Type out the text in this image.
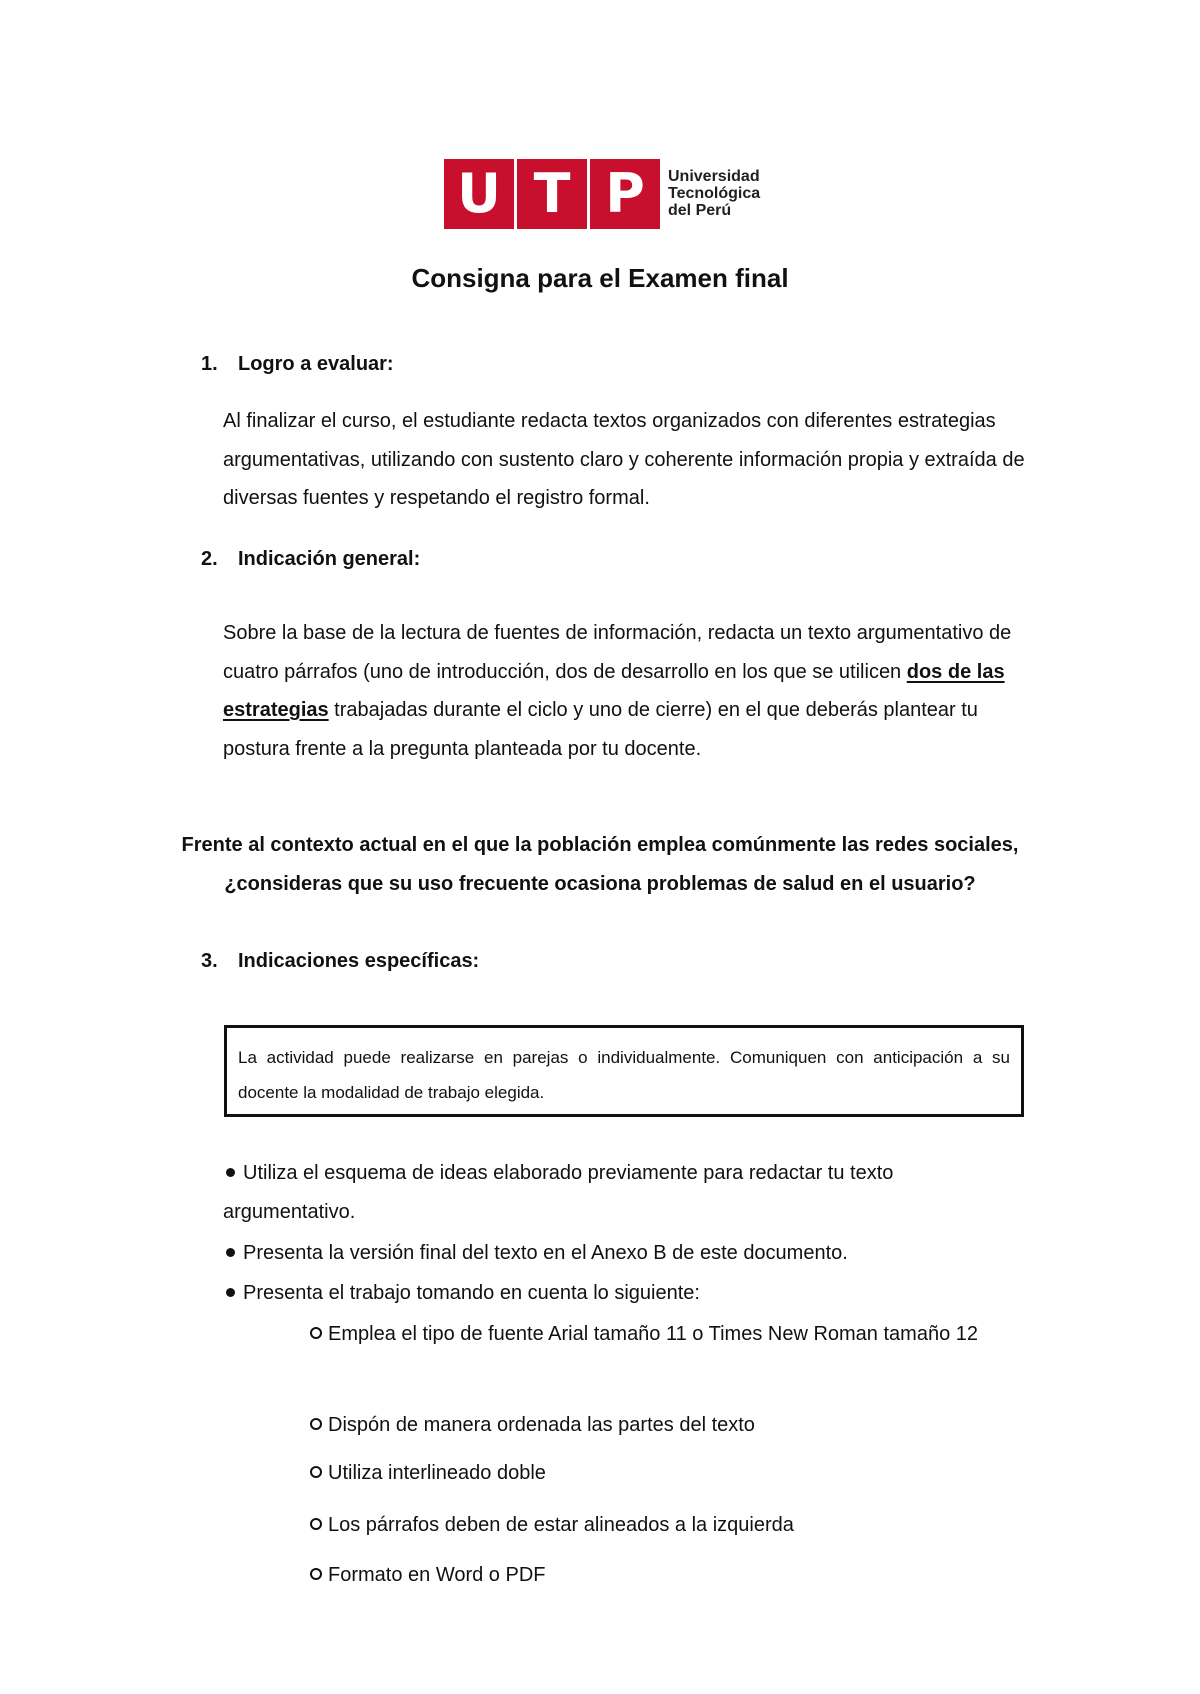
U T P	Universidad
Tecnológica
del Perú
Consigna para el Examen final
1. Logro a evaluar:
Al finalizar el curso, el estudiante redacta textos organizados con diferentes estrategias argumentativas, utilizando con sustento claro y coherente información propia y extraída de diversas fuentes y respetando el registro formal.
2. Indicación general:
Sobre la base de la lectura de fuentes de información, redacta un texto argumentativo de cuatro párrafos (uno de introducción, dos de desarrollo en los que se utilicen dos de las estrategias trabajadas durante el ciclo y uno de cierre) en el que deberás plantear tu postura frente a la pregunta planteada por tu docente.
Frente al contexto actual en el que la población emplea comúnmente las redes sociales, ¿consideras que su uso frecuente ocasiona problemas de salud en el usuario?
3. Indicaciones específicas:
La actividad puede realizarse en parejas o individualmente. Comuniquen con anticipación a su docente la modalidad de trabajo elegida.
Utiliza el esquema de ideas elaborado previamente para redactar tu texto argumentativo.
Presenta la versión final del texto en el Anexo B de este documento.
Presenta el trabajo tomando en cuenta lo siguiente:
Emplea el tipo de fuente Arial tamaño 11 o Times New Roman tamaño 12
Dispón de manera ordenada las partes del texto
Utiliza interlineado doble
Los párrafos deben de estar alineados a la izquierda
Formato en Word o PDF
